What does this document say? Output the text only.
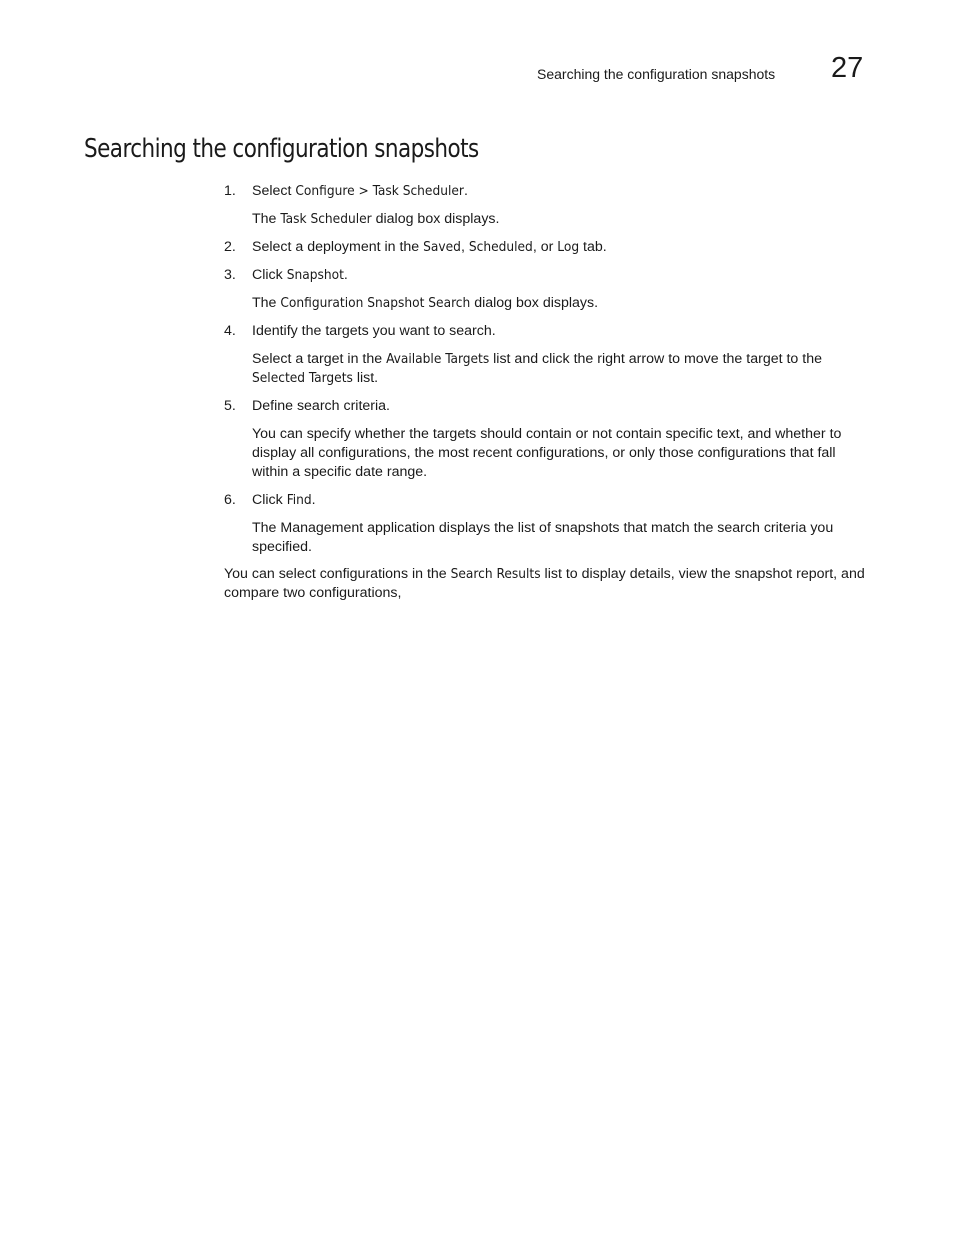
Searching the configuration snapshots 27
Searching the configuration snapshots
1.	Select Configure > Task Scheduler.
The Task Scheduler dialog box displays.
2.	Select a deployment in the Saved, Scheduled, or Log tab.
3.	Click Snapshot.
The Configuration Snapshot Search dialog box displays.
4.	Identify the targets you want to search.
Select a target in the Available Targets list and click the right arrow to move the target to the Selected Targets list.
5.	Define search criteria.
You can specify whether the targets should contain or not contain specific text, and whether to display all configurations, the most recent configurations, or only those configurations that fall within a specific date range.
6.	Click Find.
The Management application displays the list of snapshots that match the search criteria you specified.
You can select configurations in the Search Results list to display details, view the snapshot report, and compare two configurations,
